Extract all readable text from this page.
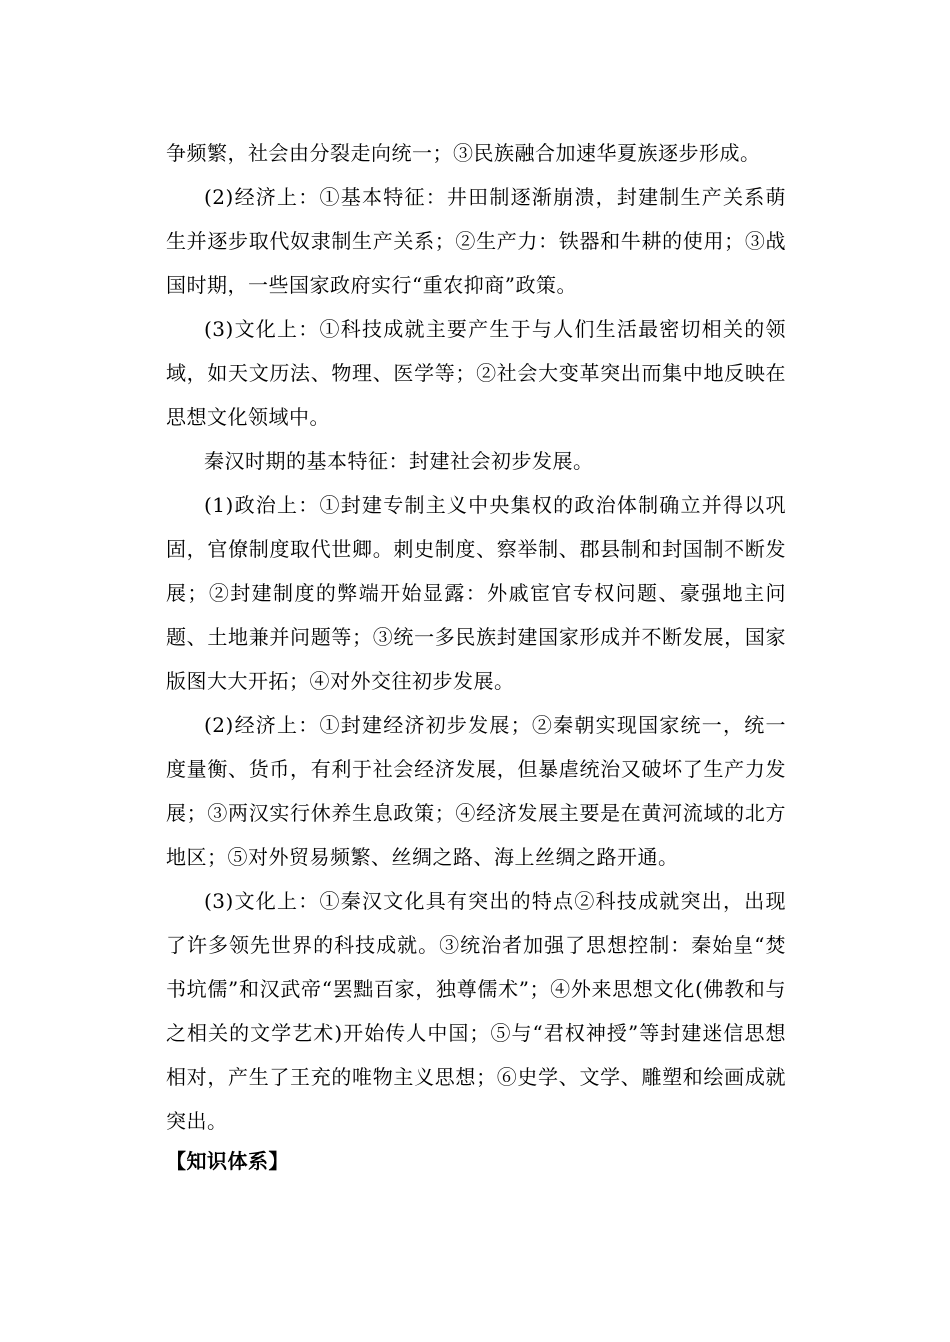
争频繁，社会由分裂走向统一；③民族融合加速华夏族逐步形成。

(2)经济上：①基本特征：井田制逐渐崩溃，封建制生产关系萌生并逐步取代奴隶制生产关系；②生产力：铁器和牛耕的使用；③战国时期，一些国家政府实行“重农抑商”政策。

(3)文化上：①科技成就主要产生于与人们生活最密切相关的领域，如天文历法、物理、医学等；②社会大变革突出而集中地反映在思想文化领域中。

秦汉时期的基本特征：封建社会初步发展。

(1)政治上：①封建专制主义中央集权的政治体制确立并得以巩固，官僚制度取代世卿。刺史制度、察举制、郡县制和封国制不断发展；②封建制度的弊端开始显露：外戚宦官专权问题、豪强地主问题、土地兼并问题等；③统一多民族封建国家形成并不断发展，国家版图大大开拓；④对外交往初步发展。

(2)经济上：①封建经济初步发展；②秦朝实现国家统一，统一度量衡、货币，有利于社会经济发展，但暴虐统治又破坏了生产力发展；③两汉实行休养生息政策；④经济发展主要是在黄河流域的北方地区；⑤对外贸易频繁、丝绸之路、海上丝绸之路开通。

(3)文化上：①秦汉文化具有突出的特点②科技成就突出，出现了许多领先世界的科技成就。③统治者加强了思想控制：秦始皇“焚书坑儒”和汉武帝“罢黜百家，独尊儒术”；④外来思想文化(佛教和与之相关的文学艺术)开始传人中国；⑤与“君权神授”等封建迷信思想相对，产生了王充的唯物主义思想；⑥史学、文学、雕塑和绘画成就突出。

【知识体系】
